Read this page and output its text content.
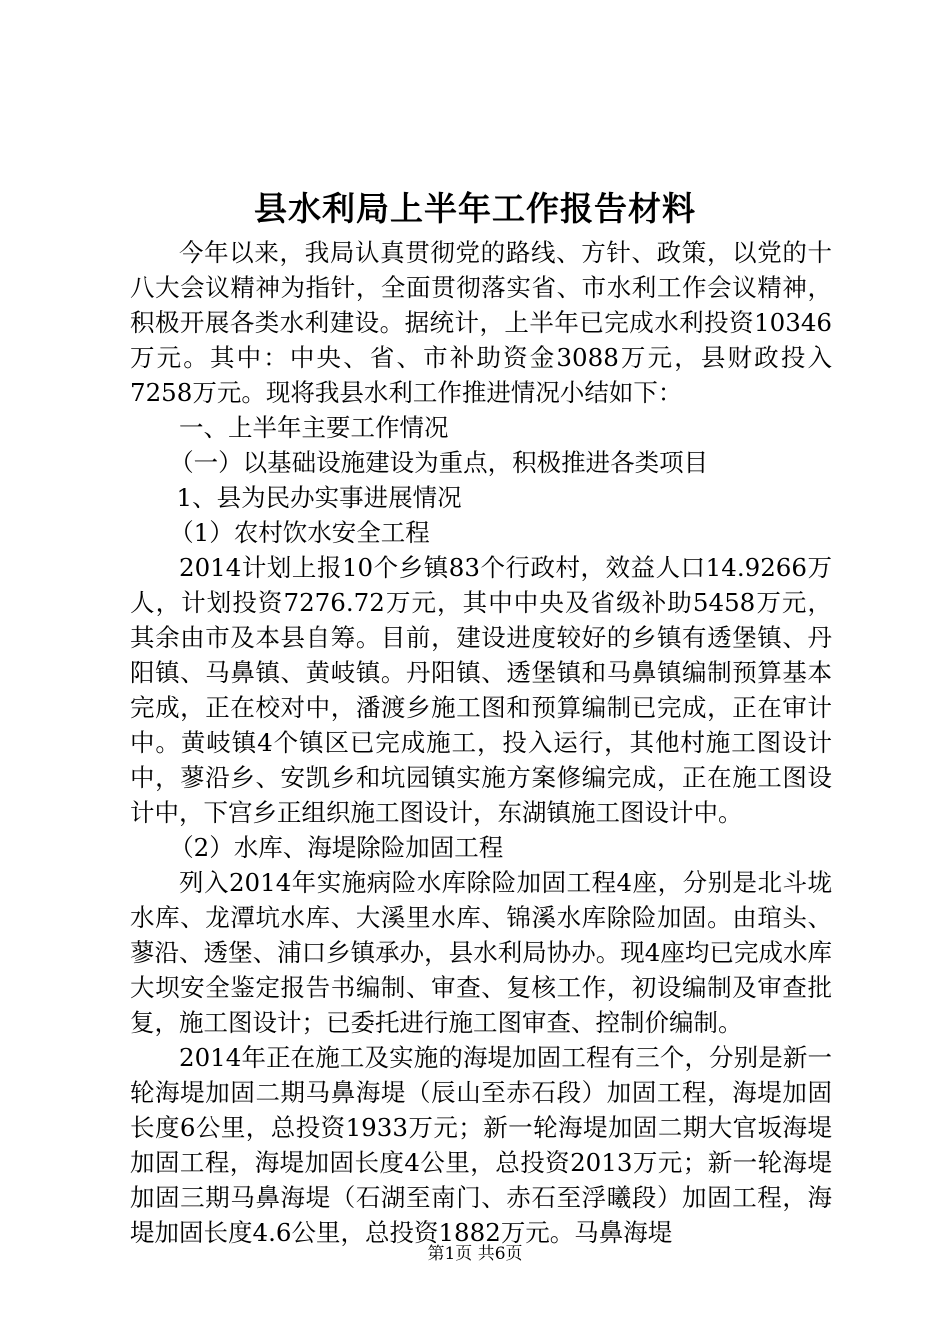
县水利局上半年工作报告材料

今年以来，我局认真贯彻党的路线、方针、政策，以党的十八大会议精神为指针，全面贯彻落实省、市水利工作会议精神，积极开展各类水利建设。据统计，上半年已完成水利投资10346万元。其中：中央、省、市补助资金3088万元，县财政投入7258万元。现将我县水利工作推进情况小结如下：

一、上半年主要工作情况

（一）以基础设施建设为重点，积极推进各类项目

1、县为民办实事进展情况

（1）农村饮水安全工程

2014计划上报10个乡镇83个行政村，效益人口14.9266万人，计划投资7276.72万元，其中中央及省级补助5458万元，其余由市及本县自筹。目前，建设进度较好的乡镇有透堡镇、丹阳镇、马鼻镇、黄岐镇。丹阳镇、透堡镇和马鼻镇编制预算基本完成，正在校对中，潘渡乡施工图和预算编制已完成，正在审计中。黄岐镇4个镇区已完成施工，投入运行，其他村施工图设计中，蓼沿乡、安凯乡和坑园镇实施方案修编完成，正在施工图设计中，下宫乡正组织施工图设计，东湖镇施工图设计中。

（2）水库、海堤除险加固工程

列入2014年实施病险水库除险加固工程4座，分别是北斗垅水库、龙潭坑水库、大溪里水库、锦溪水库除险加固。由琯头、蓼沿、透堡、浦口乡镇承办，县水利局协办。现4座均已完成水库大坝安全鉴定报告书编制、审查、复核工作，初设编制及审查批复，施工图设计；已委托进行施工图审查、控制价编制。

2014年正在施工及实施的海堤加固工程有三个，分别是新一轮海堤加固二期马鼻海堤（辰山至赤石段）加固工程，海堤加固长度6公里，总投资1933万元；新一轮海堤加固二期大官坂海堤加固工程，海堤加固长度4公里，总投资2013万元；新一轮海堤加固三期马鼻海堤（石湖至南门、赤石至浮曦段）加固工程，海堤加固长度4.6公里，总投资1882万元。马鼻海堤

第1页 共6页
